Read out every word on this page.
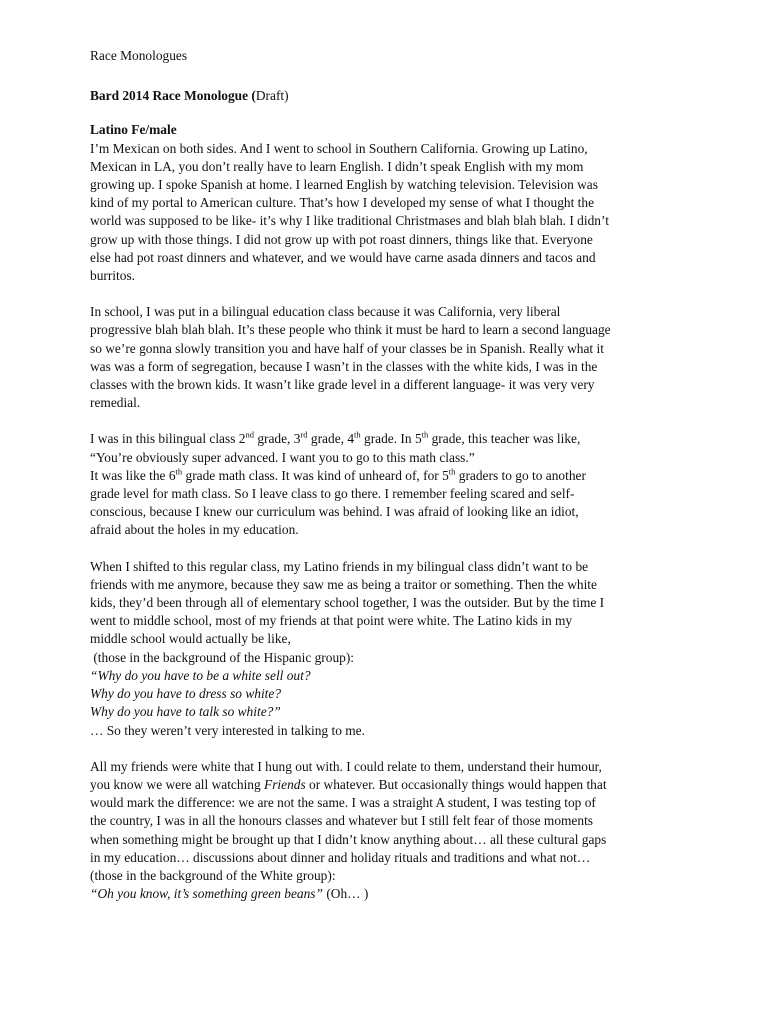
Race Monologues
Bard 2014 Race Monologue (Draft)
Latino Fe/male

I’m Mexican on both sides. And I went to school in Southern California. Growing up Latino,
Mexican in LA, you don’t really have to learn English. I didn’t speak English with my mom
growing up. I spoke Spanish at home. I learned English by watching television. Television was
kind of my portal to American culture. That’s how I developed my sense of what I thought the
world was supposed to be like- it’s why I like traditional Christmases and blah blah blah. I didn’t
grow up with those things. I did not grow up with pot roast dinners, things like that. Everyone
else had pot roast dinners and whatever, and we would have carne asada dinners and tacos and
burritos.

In school, I was put in a bilingual education class because it was California, very liberal
progressive blah blah blah. It’s these people who think it must be hard to learn a second language
so we’re gonna slowly transition you and have half of your classes be in Spanish. Really what it
was was a form of segregation, because I wasn’t in the classes with the white kids, I was in the
classes with the brown kids. It wasn’t like grade level in a different language- it was very very
remedial.

I was in this bilingual class 2nd grade, 3rd grade, 4th grade. In 5th grade, this teacher was like,
“You’re obviously super advanced. I want you to go to this math class.”
It was like the 6th grade math class. It was kind of unheard of, for 5th graders to go to another
grade level for math class. So I leave class to go there. I remember feeling scared and self-
conscious, because I knew our curriculum was behind. I was afraid of looking like an idiot,
afraid about the holes in my education.

When I shifted to this regular class, my Latino friends in my bilingual class didn’t want to be
friends with me anymore, because they saw me as being a traitor or something. Then the white
kids, they’d been through all of elementary school together, I was the outsider. But by the time I
went to middle school, most of my friends at that point were white. The Latino kids in my
middle school would actually be like,
(those in the background of the Hispanic group):
“Why do you have to be a white sell out?
Why do you have to dress so white?
Why do you have to talk so white?”
… So they weren’t very interested in talking to me.

All my friends were white that I hung out with. I could relate to them, understand their humour,
you know we were all watching Friends or whatever. But occasionally things would happen that
would mark the difference: we are not the same. I was a straight A student, I was testing top of
the country, I was in all the honours classes and whatever but I still felt fear of those moments
when something might be brought up that I didn’t know anything about… all these cultural gaps
in my education… discussions about dinner and holiday rituals and traditions and what not…
(those in the background of the White group):
“Oh you know, it’s something green beans” (Oh… )
